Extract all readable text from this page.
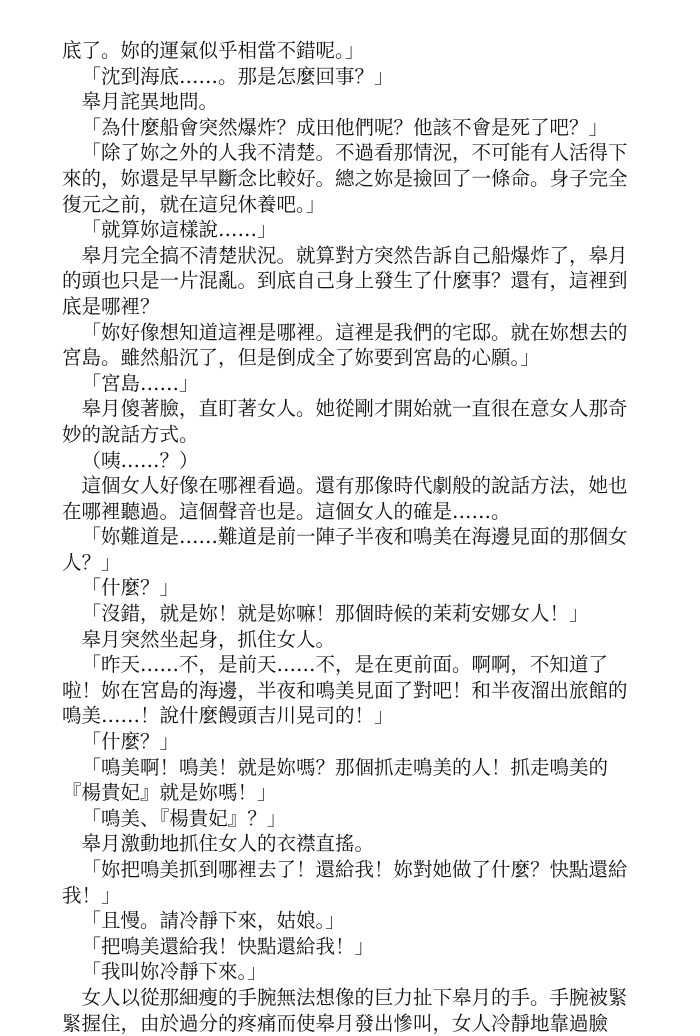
底了。妳的運氣似乎相當不錯呢。」

「沈到海底……。那是怎麼回事？」

皋月詫異地問。

「為什麼船會突然爆炸？成田他們呢？他該不會是死了吧？」

「除了妳之外的人我不清楚。不過看那情況，不可能有人活得下來的，妳還是早早斷念比較好。總之妳是撿回了一條命。身子完全復元之前，就在這兒休養吧。」

「就算妳這樣說……」

皋月完全搞不清楚狀況。就算對方突然告訴自己船爆炸了，皋月的頭也只是一片混亂。到底自己身上發生了什麼事？還有，這裡到底是哪裡？

「妳好像想知道這裡是哪裡。這裡是我們的宅邸。就在妳想去的宮島。雖然船沉了，但是倒成全了妳要到宮島的心願。」

「宮島……」

皋月傻著臉，直盯著女人。她從剛才開始就一直很在意女人那奇妙的說話方式。

（咦……？）

這個女人好像在哪裡看過。還有那像時代劇般的說話方法，她也在哪裡聽過。這個聲音也是。這個女人的確是……。

「妳難道是……難道是前一陣子半夜和鳴美在海邊見面的那個女人？」

「什麼？」

「沒錯，就是妳！就是妳嘛！那個時候的茉莉安娜女人！」

皋月突然坐起身，抓住女人。

「昨天……不，是前天……不，是在更前面。啊啊，不知道了啦！妳在宮島的海邊，半夜和鳴美見面了對吧！和半夜溜出旅館的鳴美……！說什麼饅頭吉川晃司的！」

「什麼？」

「鳴美啊！鳴美！就是妳嗎？那個抓走鳴美的人！抓走鳴美的『楊貴妃』就是妳嗎！」

「鳴美、『楊貴妃』？」

皋月激動地抓住女人的衣襟直搖。

「妳把鳴美抓到哪裡去了！還給我！妳對她做了什麼？快點還給我！」

「且慢。請冷靜下來，姑娘。」

「把鳴美還給我！快點還給我！」

「我叫妳冷靜下來。」

女人以從那細瘦的手腕無法想像的巨力扯下皋月的手。手腕被緊緊握住，由於過分的疼痛而使皋月發出慘叫，女人冷靜地靠過臉
